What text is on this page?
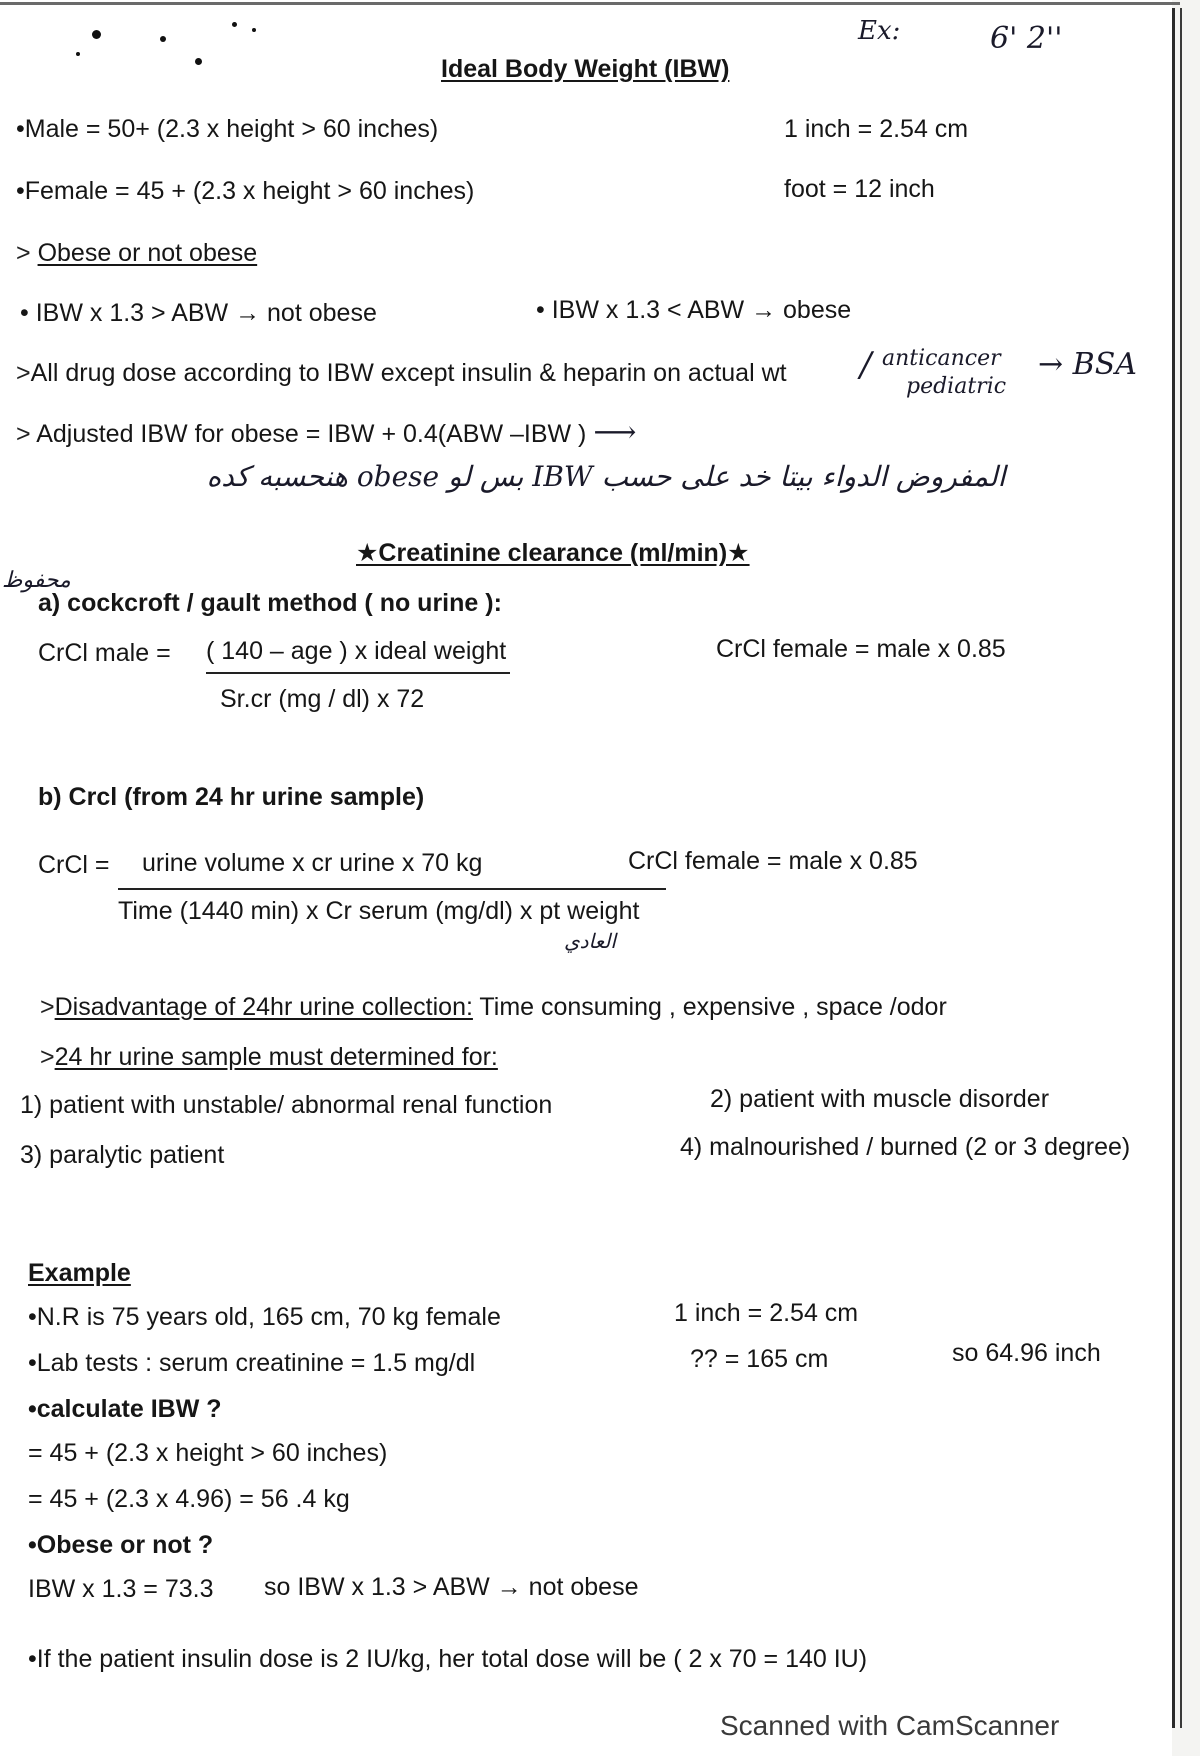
Ex:	6' 2''
Ideal Body Weight (IBW)
•Male = 50+ (2.3 x height > 60 inches)
•Female = 45 + (2.3 x height > 60 inches)
1 inch = 2.54 cm
foot = 12 inch
> Obese or not obese
• IBW x 1.3 > ABW → not obese	• IBW x 1.3 < ABW → obese
>All drug dose according to IBW except insulin & heparin on actual wt / anticancer
pediatric
→ BSA
> Adjusted IBW for obese = IBW + 0.4(ABW –IBW ) ⟶
المفروض الدواء بيتا خد على حسب IBW بس لو obese هنحسبه كده
★Creatinine clearance (ml/min)★
محفوظ
a) cockcroft / gault method ( no urine ):
CrCl male = ( 140 – age ) x ideal weight
Sr.cr (mg / dl) x 72
CrCl female = male x 0.85
b) Crcl (from 24 hr urine sample)
CrCl = urine volume x cr urine x 70 kg
Time (1440 min) x Cr serum (mg/dl) x pt weight
العادي
CrCl female = male x 0.85
>Disadvantage of 24hr urine collection: Time consuming , expensive , space /odor
>24 hr urine sample must determined for:
1) patient with unstable/ abnormal renal function	2) patient with muscle disorder
3) paralytic patient	4) malnourished / burned (2 or 3 degree)
Example
•N.R is 75 years old, 165 cm, 70 kg female
•Lab tests : serum creatinine = 1.5 mg/dl
•calculate IBW ?
= 45 + (2.3 x height > 60 inches)
= 45 + (2.3 x 4.96) = 56 .4 kg
•Obese or not ?
IBW x 1.3 = 73.3 so IBW x 1.3 > ABW → not obese
1 inch = 2.54 cm
?? = 165 cm	so 64.96 inch
•If the patient insulin dose is 2 IU/kg, her total dose will be ( 2 x 70 = 140 IU)
Scanned with CamScanner
